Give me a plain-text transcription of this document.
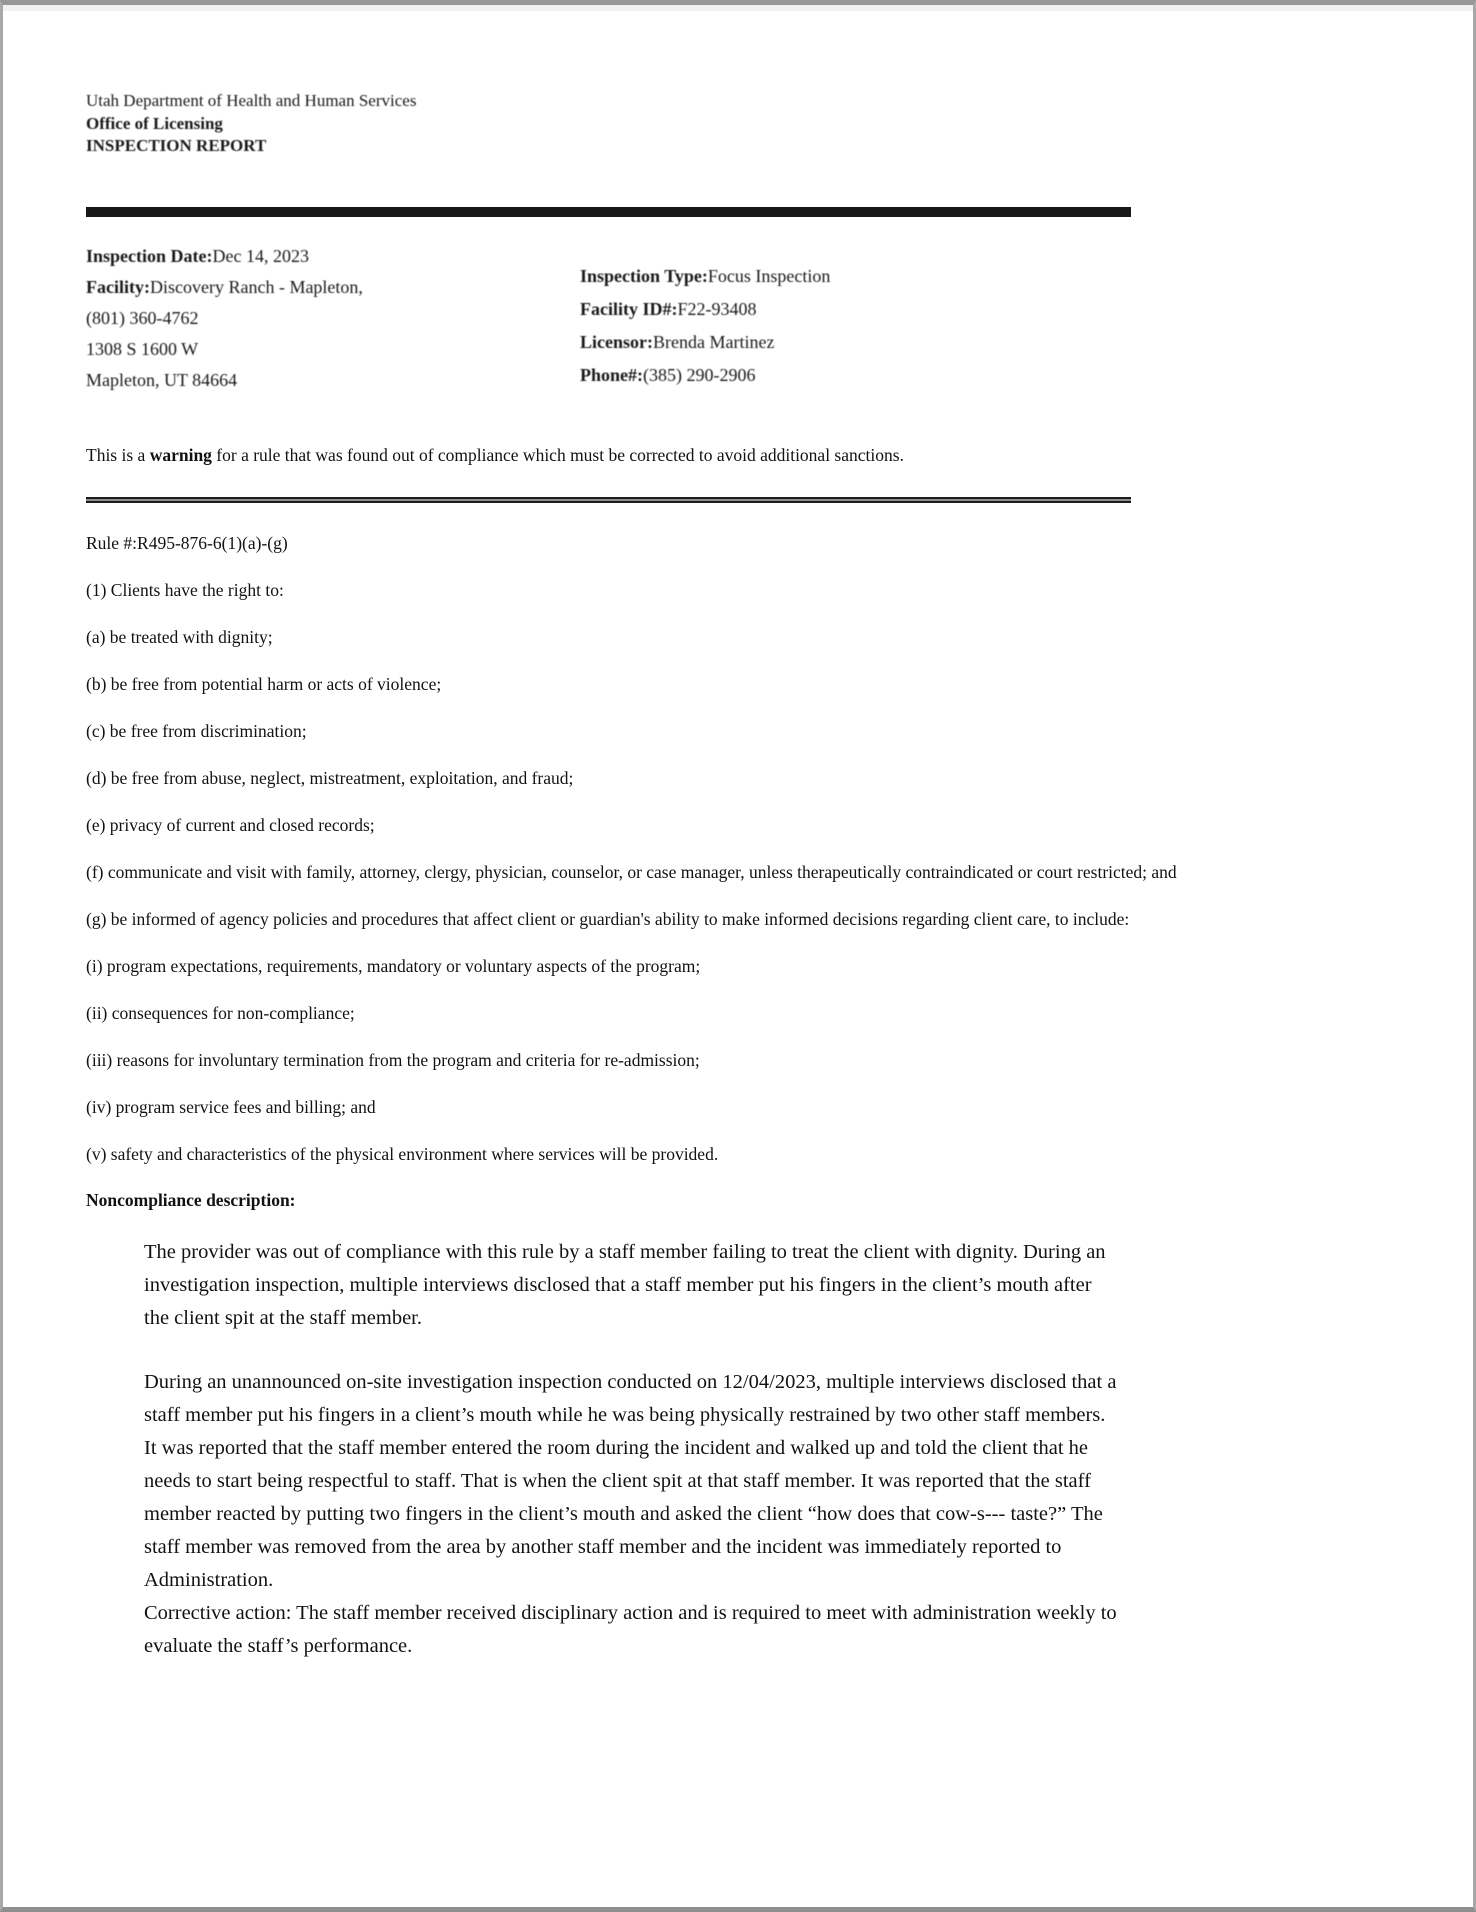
Utah Department of Health and Human Services
Office of Licensing
INSPECTION REPORT
Inspection Date:Dec 14, 2023
Facility:Discovery Ranch - Mapleton,
(801) 360-4762
1308 S 1600 W
Mapleton, UT 84664
Inspection Type:Focus Inspection
Facility ID#:F22-93408
Licensor:Brenda Martinez
Phone#:(385) 290-2906
This is a warning for a rule that was found out of compliance which must be corrected to avoid additional sanctions.

Rule #:R495-876-6(1)(a)-(g)

(1) Clients have the right to:

(a) be treated with dignity;

(b) be free from potential harm or acts of violence;

(c) be free from discrimination;

(d) be free from abuse, neglect, mistreatment, exploitation, and fraud;

(e) privacy of current and closed records;

(f) communicate and visit with family, attorney, clergy, physician, counselor, or case manager, unless therapeutically contraindicated or court restricted; and

(g) be informed of agency policies and procedures that affect client or guardian's ability to make informed decisions regarding client care, to include:

(i) program expectations, requirements, mandatory or voluntary aspects of the program;

(ii) consequences for non-compliance;

(iii) reasons for involuntary termination from the program and criteria for re-admission;

(iv) program service fees and billing; and

(v) safety and characteristics of the physical environment where services will be provided.

Noncompliance description:

The provider was out of compliance with this rule by a staff member failing to treat the client with dignity. During an investigation inspection, multiple interviews disclosed that a staff member put his fingers in the client’s mouth after the client spit at the staff member.

During an unannounced on-site investigation inspection conducted on 12/04/2023, multiple interviews disclosed that a staff member put his fingers in a client’s mouth while he was being physically restrained by two other staff members. It was reported that the staff member entered the room during the incident and walked up and told the client that he needs to start being respectful to staff. That is when the client spit at that staff member. It was reported that the staff member reacted by putting two fingers in the client’s mouth and asked the client “how does that cow-s--- taste?” The staff member was removed from the area by another staff member and the incident was immediately reported to Administration.

Corrective action: The staff member received disciplinary action and is required to meet with administration weekly to evaluate the staff’s performance.
